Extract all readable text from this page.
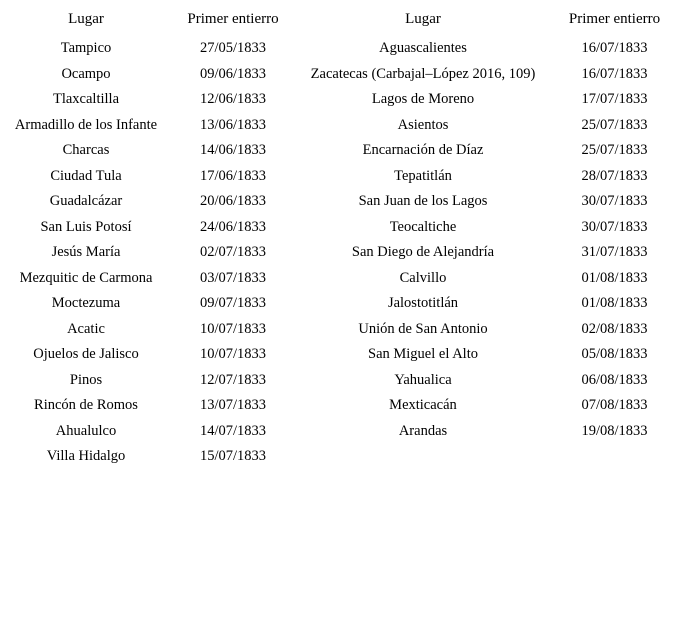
Lugar	Primer entierro	Lugar	Primer entierro
Tampico	27/05/1833	Aguascalientes	16/07/1833
Ocampo	09/06/1833	Zacatecas (Carbajal–López 2016, 109)	16/07/1833
Tlaxcaltilla	12/06/1833	Lagos de Moreno	17/07/1833
Armadillo de los Infante	13/06/1833	Asientos	25/07/1833
Charcas	14/06/1833	Encarnación de Díaz	25/07/1833
Ciudad Tula	17/06/1833	Tepatitlán	28/07/1833
Guadalcázar	20/06/1833	San Juan de los Lagos	30/07/1833
San Luis Potosí	24/06/1833	Teocaltiche	30/07/1833
Jesús María	02/07/1833	San Diego de Alejandría	31/07/1833
Mezquitic de Carmona	03/07/1833	Calvillo	01/08/1833
Moctezuma	09/07/1833	Jalostotitlán	01/08/1833
Acatic	10/07/1833	Unión de San Antonio	02/08/1833
Ojuelos de Jalisco	10/07/1833	San Miguel el Alto	05/08/1833
Pinos	12/07/1833	Yahualica	06/08/1833
Rincón de Romos	13/07/1833	Mexticacán	07/08/1833
Ahualulco	14/07/1833	Arandas	19/08/1833
Villa Hidalgo	15/07/1833		
